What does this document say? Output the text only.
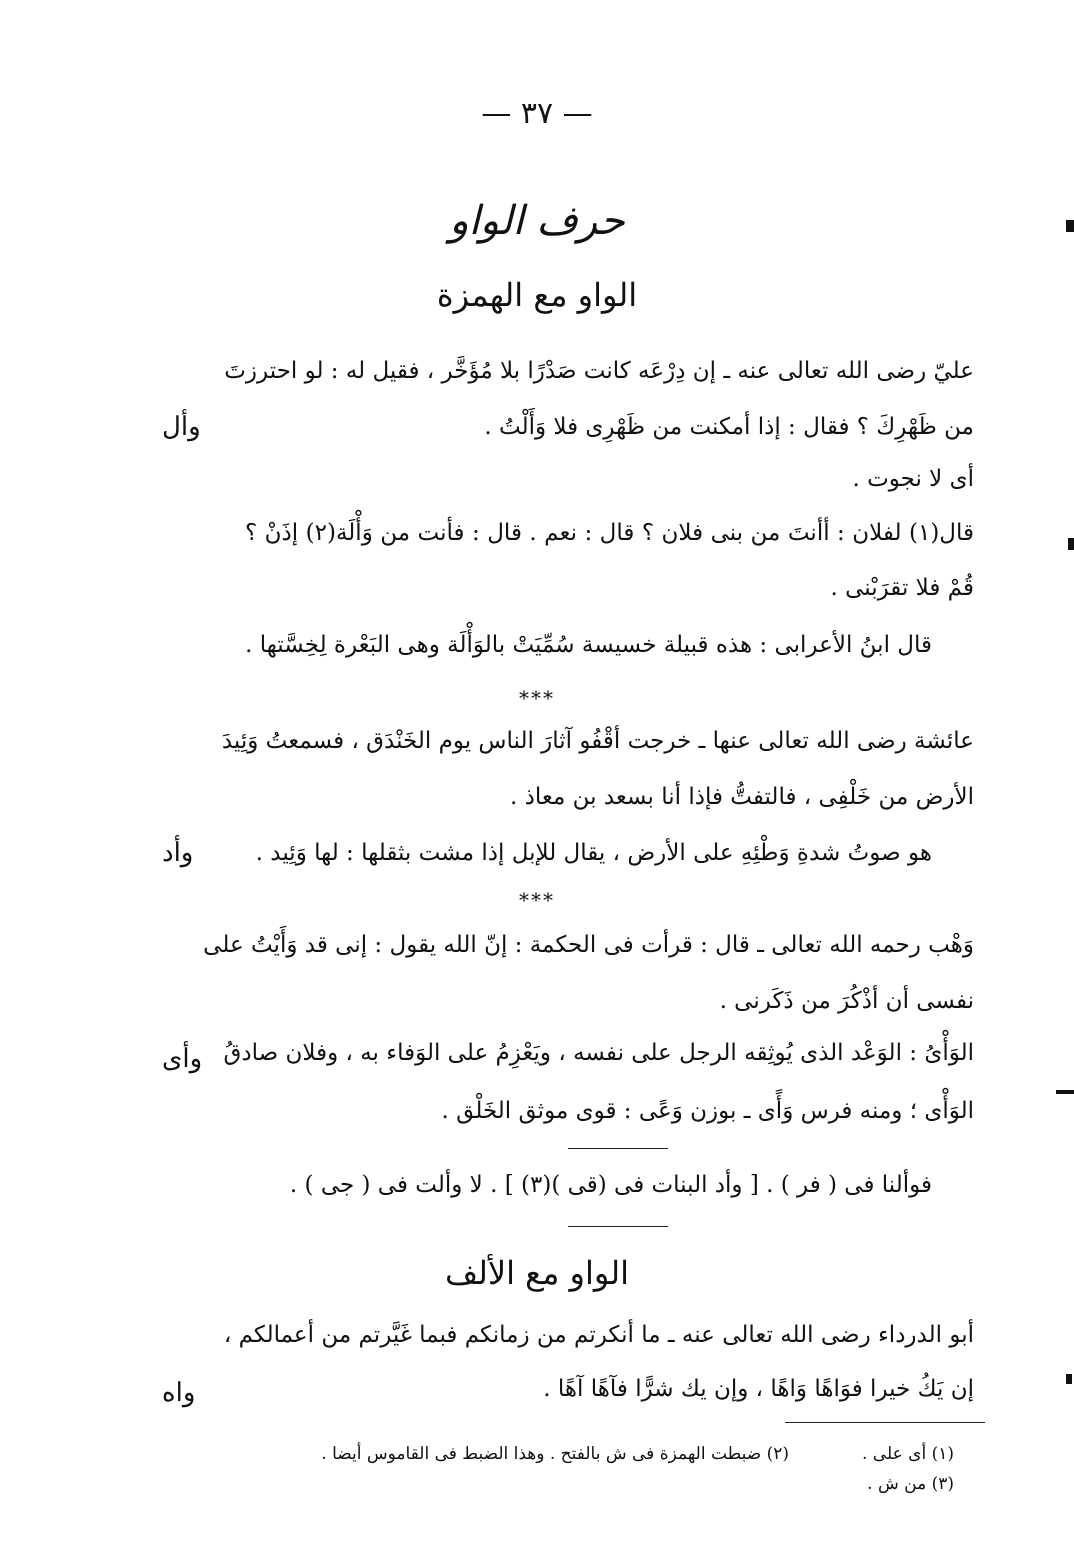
— ٣٧ —
حرف الواو
الواو مع الهمزة
عليّ رضى الله تعالى عنه ـ إن دِرْعَه كانت صَدْرًا بلا مُؤَخَّر ، فقيل له : لو احترزتَ
من ظَهْرِكَ ؟ فقال : إذا أمكنت من ظَهْرِى فلا وَأَلْتُ .
وأل
أى لا نجوت .
قال(١) لفلان : أأنتَ من بنى فلان ؟ قال : نعم . قال : فأنت من وَأْلَة(٢) إذَنْ ؟
قُمْ فلا تقرَبْنى .
قال ابنُ الأعرابى : هذه قبيلة خسيسة سُمِّيَتْ بالوَأْلَة وهى البَعْرة لِخِسَّتها .
***
عائشة رضى الله تعالى عنها ـ خرجت أقْفُو آثارَ الناس يوم الخَنْدَق ، فسمعتُ وَئِيدَ
الأرض من خَلْفِى ، فالتفتُّ فإذا أنا بسعد بن معاذ .
هو صوتُ شدةِ وَطْئِهِ على الأرض ، يقال للإبل إذا مشت بثقلها : لها وَئِيد .
وأد
***
وَهْب رحمه الله تعالى ـ قال : قرأت فى الحكمة : إنّ الله يقول : إنى قد وَأَيْتُ على
نفسى أن أذْكُرَ من ذَكَرنى .
الوَأْىُ : الوَعْد الذى يُوثِقه الرجل على نفسه ، ويَعْزِمُ على الوَفاء به ، وفلان صادقُ
وأى
الوَأْى ؛ ومنه فرس وَأًى ـ بوزن وَعًى : قوى موثق الخَلْق .
فوألنا فى ( فر ) . [ وأد البنات فى (قى )(٣) ] . لا وألت فى ( جى ) .
الواو مع الألف
أبو الدرداء رضى الله تعالى عنه ـ ما أنكرتم من زمانكم فبما غَيَّرتم من أعمالكم ،
إن يَكُ خيرا فوَاهًا وَاهًا ، وإن يك شرًّا فآهًا آهًا .
واه
(١) أى على .
(٢) ضبطت الهمزة فى ش بالفتح . وهذا الضبط فى القاموس أيضا .
(٣) من ش .
